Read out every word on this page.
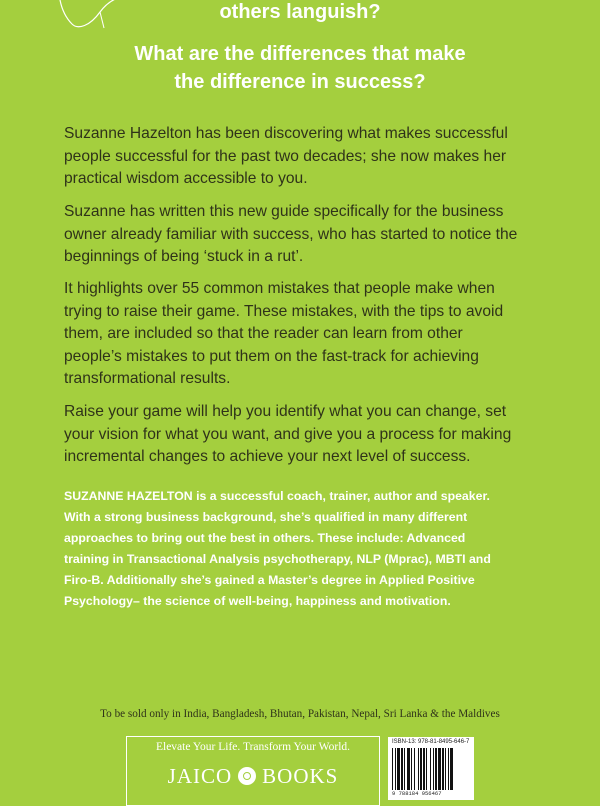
others languish?
What are the differences that make
the difference in success?
Suzanne Hazelton has been discovering what makes successful
people successful for the past two decades; she now makes her
practical wisdom accessible to you.
Suzanne has written this new guide specifically for the business
owner already familiar with success, who has started to notice the
beginnings of being ‘stuck in a rut’.
It highlights over 55 common mistakes that people make when
trying to raise their game. These mistakes, with the tips to avoid
them, are included so that the reader can learn from other
people’s mistakes to put them on the fast-track for achieving
transformational results.
Raise your game will help you identify what you can change, set
your vision for what you want, and give you a process for making
incremental changes to achieve your next level of success.
SUZANNE HAZELTON is a successful coach, trainer, author and speaker.
With a strong business background, she’s qualified in many different
approaches to bring out the best in others. These include: Advanced
training in Transactional Analysis psychotherapy, NLP (Mprac), MBTI and
Firo-B. Additionally she’s gained a Master’s degree in Applied Positive
Psychology– the science of well-being, happiness and motivation.
To be sold only in India, Bangladesh, Bhutan, Pakistan, Nepal, Sri Lanka & the Maldives
Elevate Your Life. Transform Your World.
JAICO BOOKS
ISBN-13: 978-81-8495-646-7
9 788184 956467
